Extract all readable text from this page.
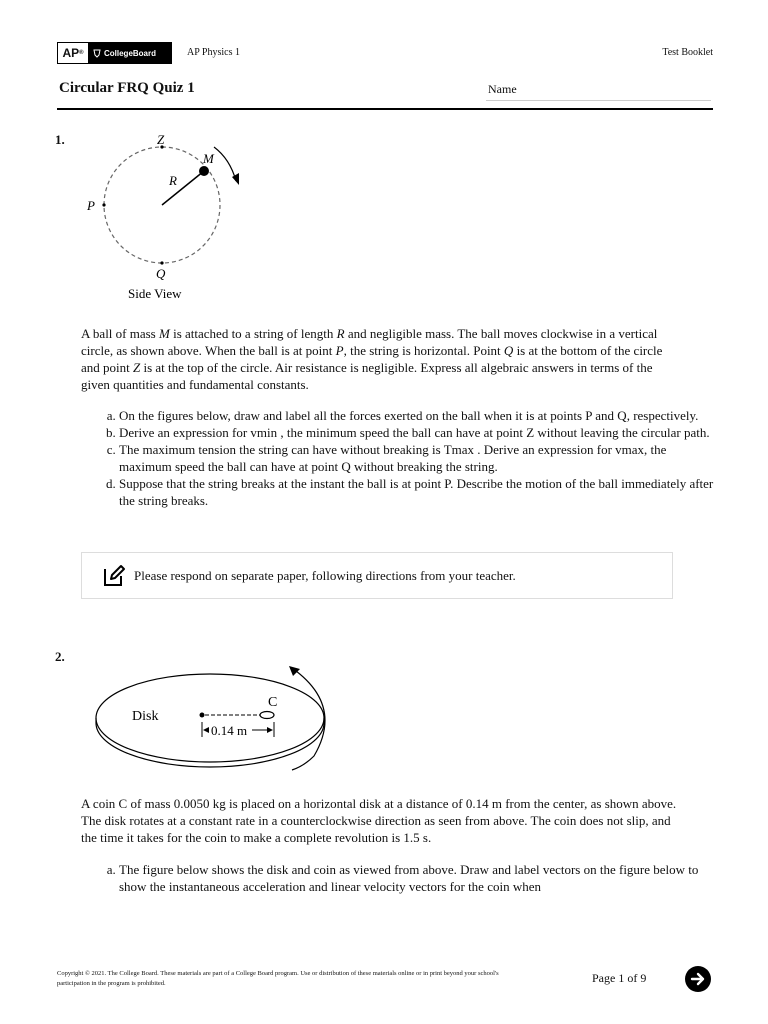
AP ®	CollegeBoard	AP Physics 1	Test Booklet
Circular FRQ Quiz 1	Name
1.	Z
M
R
P
Q
Side View
A ball of mass M is attached to a string of length R and negligible mass. The ball moves clockwise in a vertical circle, as shown above. When the ball is at point P, the string is horizontal. Point Q is at the bottom of the circle and point Z is at the top of the circle. Air resistance is negligible. Express all algebraic answers in terms of the given quantities and fundamental constants.
a. On the figures below, draw and label all the forces exerted on the ball when it is at points P and Q, respectively.
b. Derive an expression for vmin , the minimum speed the ball can have at point Z without leaving the circular path.
c. The maximum tension the string can have without breaking is Tmax . Derive an expression for vmax, the maximum speed the ball can have at point Q without breaking the string.
d. Suppose that the string breaks at the instant the ball is at point P. Describe the motion of the ball immediately after the string breaks.
Please respond on separate paper, following directions from your teacher.
2.
Disk
C
0.14 m
A coin C of mass 0.0050 kg is placed on a horizontal disk at a distance of 0.14 m from the center, as shown above. The disk rotates at a constant rate in a counterclockwise direction as seen from above. The coin does not slip, and the time it takes for the coin to make a complete revolution is 1.5 s.
a. The figure below shows the disk and coin as viewed from above. Draw and label vectors on the figure below to show the instantaneous acceleration and linear velocity vectors for the coin when
Copyright © 2021. The College Board. These materials are part of a College Board program. Use or distribution of these materials online or in print beyond your school's participation in the program is prohibited.	Page 1 of 9
